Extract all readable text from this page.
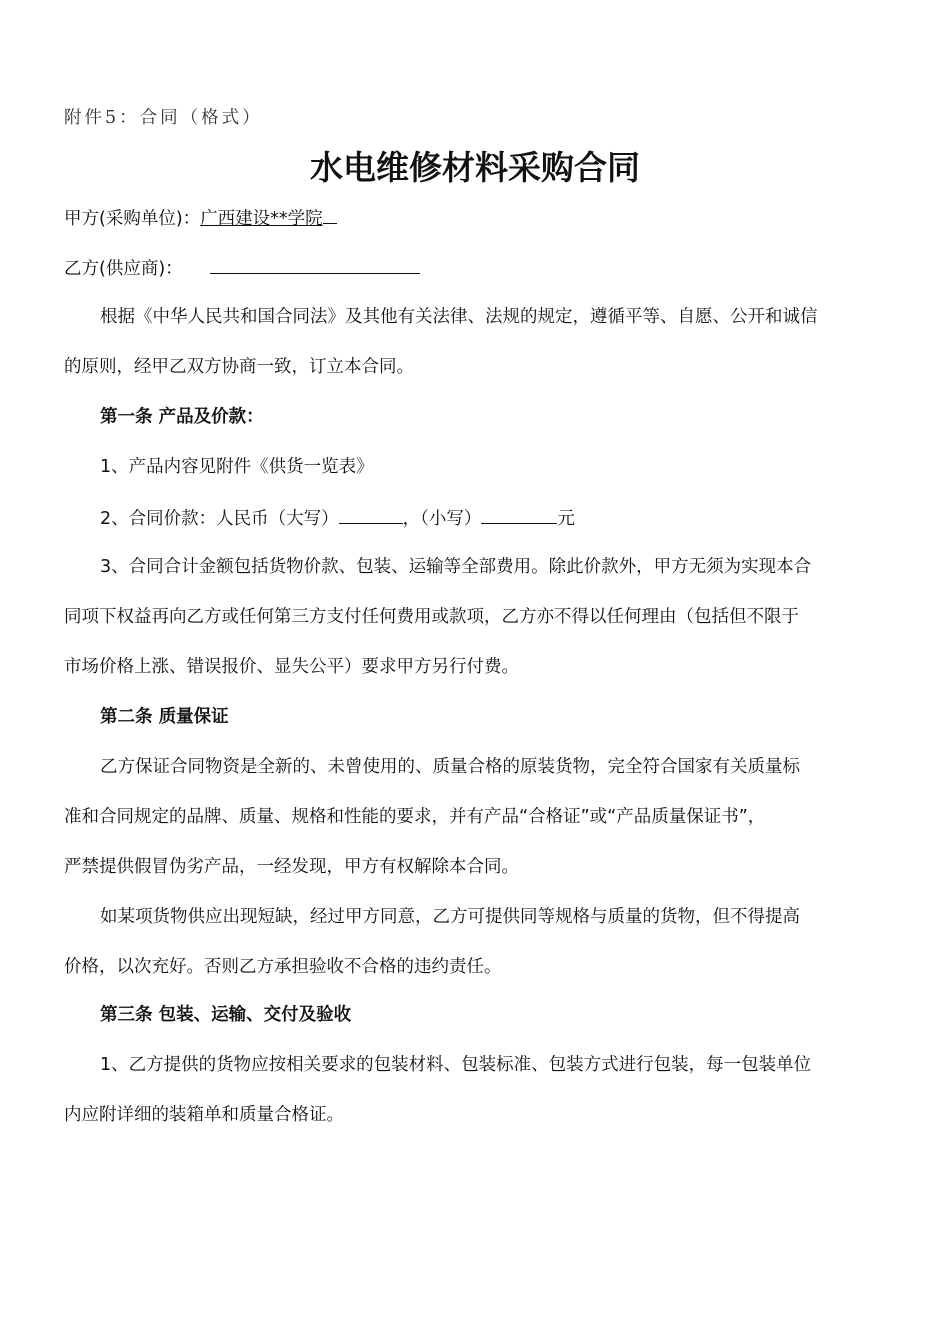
附件5：合同（格式）
水电维修材料采购合同
甲方(采购单位)：广西建设**学院
乙方(供应商)：
根据《中华人民共和国合同法》及其他有关法律、法规的规定，遵循平等、自愿、公开和诚信
的原则，经甲乙双方协商一致，订立本合同。
第一条 产品及价款：
1、产品内容见附件《供货一览表》
2、合同价款：人民币（大写）	，（小写）	元
3、合同合计金额包括货物价款、包装、运输等全部费用。除此价款外，甲方无须为实现本合
同项下权益再向乙方或任何第三方支付任何费用或款项，乙方亦不得以任何理由（包括但不限于
市场价格上涨、错误报价、显失公平）要求甲方另行付费。
第二条 质量保证
乙方保证合同物资是全新的、未曾使用的、质量合格的原装货物，完全符合国家有关质量标
准和合同规定的品牌、质量、规格和性能的要求，并有产品“合格证”或“产品质量保证书”，
严禁提供假冒伪劣产品，一经发现，甲方有权解除本合同。
如某项货物供应出现短缺，经过甲方同意，乙方可提供同等规格与质量的货物，但不得提高
价格，以次充好。否则乙方承担验收不合格的违约责任。
第三条 包装、运输、交付及验收
1、乙方提供的货物应按相关要求的包装材料、包装标准、包装方式进行包装，每一包装单位
内应附详细的装箱单和质量合格证。
